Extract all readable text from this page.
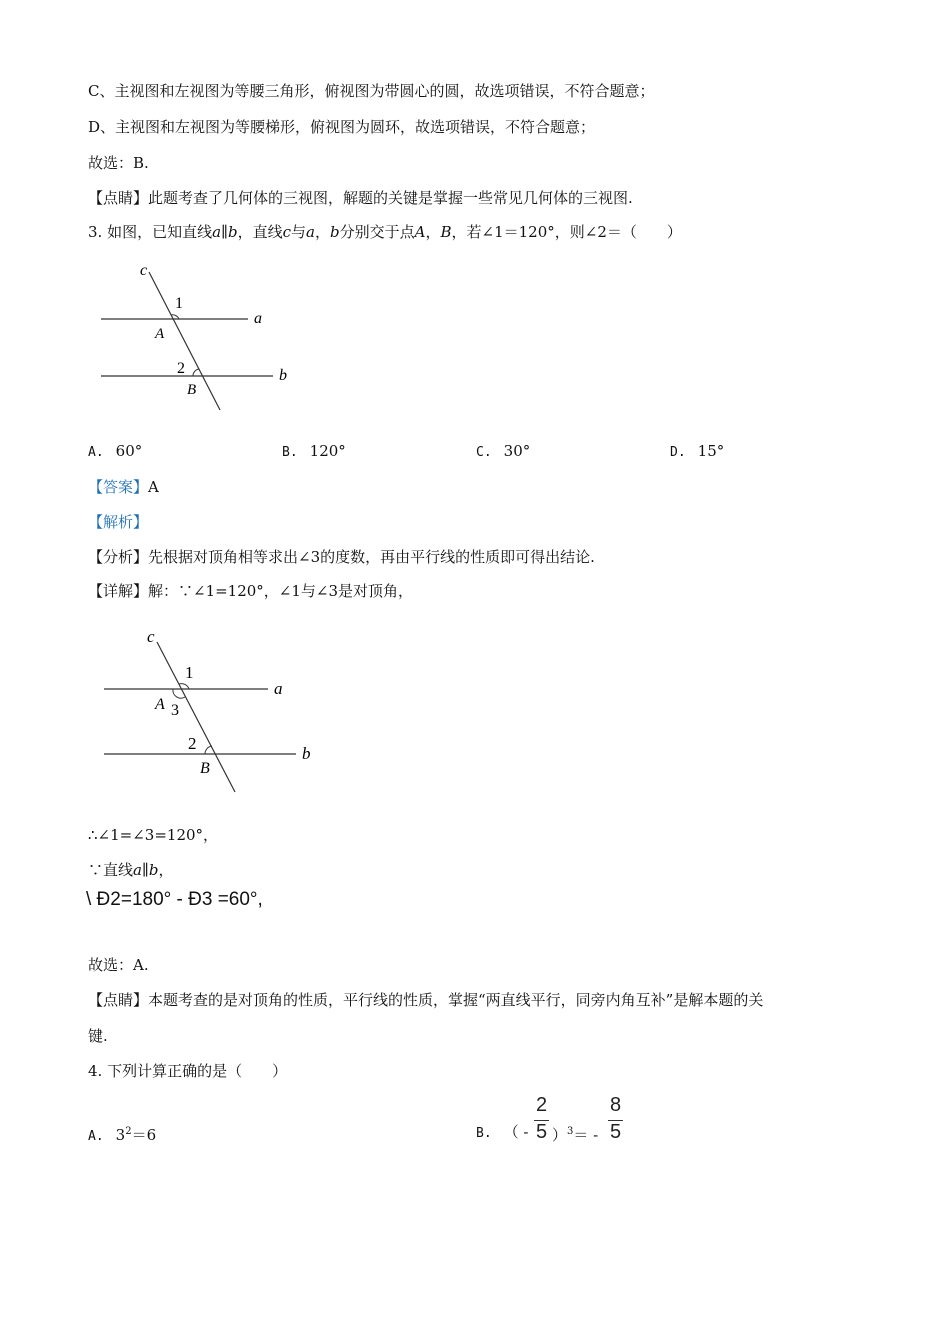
C、主视图和左视图为等腰三角形，俯视图为带圆心的圆，故选项错误，不符合题意；
D、主视图和左视图为等腰梯形，俯视图为圆环，故选项错误，不符合题意；
故选：B.
【点睛】此题考查了几何体的三视图，解题的关键是掌握一些常见几何体的三视图.
3. 如图，已知直线a∥b，直线c与a，b分别交于点A，B，若∠1＝120°，则∠2＝（　　）
c
1
a
A
2
B
b
A. 60°	B. 120°	C. 30°	D. 15°
【答案】A
【解析】
【分析】先根据对顶角相等求出∠3的度数，再由平行线的性质即可得出结论.
【详解】解：∵∠1=120°，∠1与∠3是对顶角，
c
1
a
A 3
2
B
b
∴∠1=∠3=120°，
∵直线a∥b，
\ Ð2=180° - Ð3 =60°,
故选：A.
【点睛】本题考查的是对顶角的性质，平行线的性质，掌握“两直线平行，同旁内角互补”是解本题的关
键.
4. 下列计算正确的是（　　）
A. $3^2=6$	B. （ -
2
5 ）$^3$＝ -
8
5
